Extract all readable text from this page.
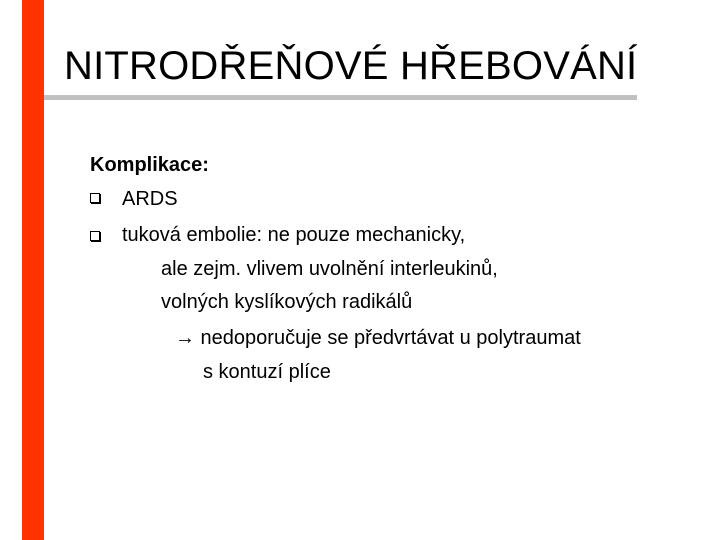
NITRODŘEŇOVÉ HŘEBOVÁNÍ
Komplikace:
ARDS
tuková embolie: ne pouze mechanicky,
ale zejm. vlivem uvolnění interleukinů,
volných kyslíkových radikálů
→ nedoporučuje se předvrtávat u polytraumat
s kontuzí plíce
